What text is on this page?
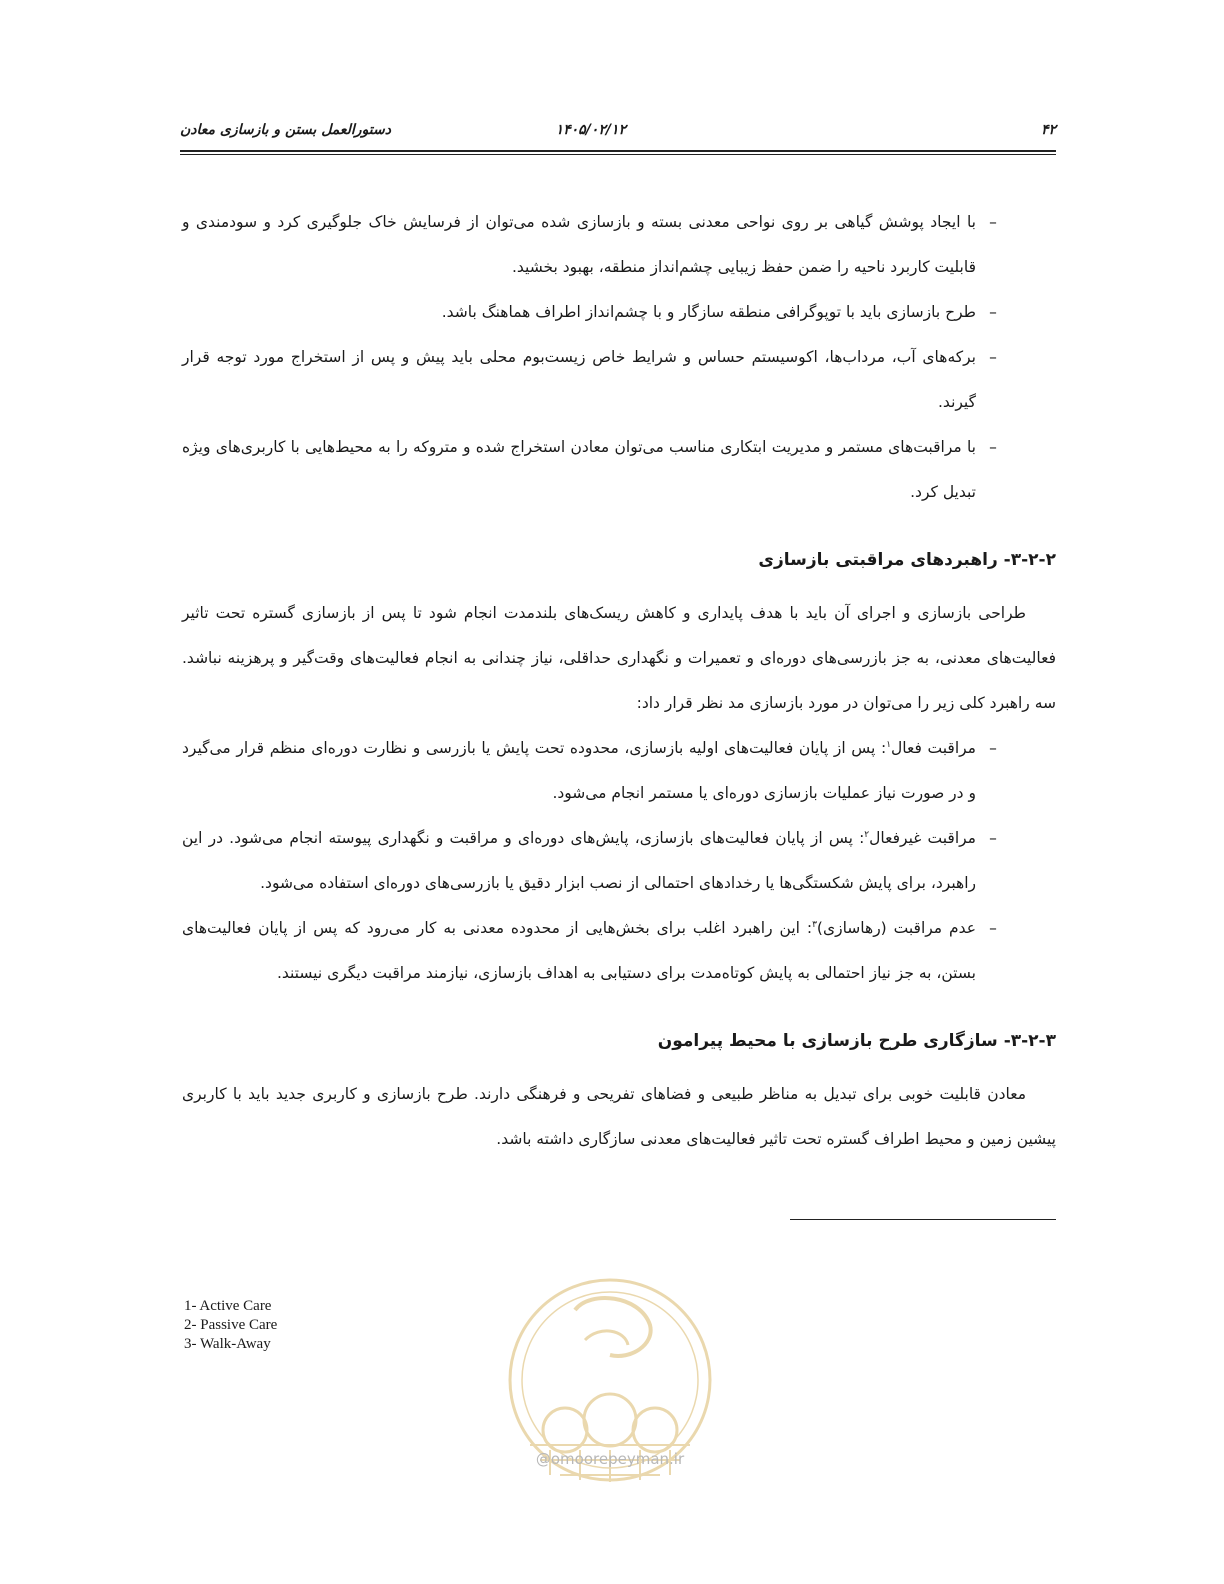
۴۲
۱۴۰۵/۰۲/۱۲
دستورالعمل بستن و بازسازی معادن
–
با ایجاد پوشش گیاهی بر روی نواحی معدنی بسته و بازسازی شده می‌توان از فرسایش خاک جلوگیری کرد و سودمندی و قابلیت کاربرد ناحیه را ضمن حفظ زیبایی چشم‌انداز منطقه، بهبود بخشید.
–
طرح بازسازی باید با توپوگرافی منطقه سازگار و با چشم‌انداز اطراف هماهنگ باشد.
–
برکه‌های آب، مرداب‌ها، اکوسیستم حساس و شرایط خاص زیست‌بوم محلی باید پیش و پس از استخراج مورد توجه قرار گیرند.
–
با مراقبت‌های مستمر و مدیریت ابتکاری مناسب می‌توان معادن استخراج شده و متروکه را به محیط‌هایی با کاربری‌های ویژه تبدیل کرد.
۳-۲-۲- راهبردهای مراقبتی بازسازی

طراحی بازسازی و اجرای آن باید با هدف پایداری و کاهش ریسک‌های بلندمدت انجام شود تا پس از بازسازی گستره تحت تاثیر فعالیت‌های معدنی، به جز بازرسی‌های دوره‌ای و تعمیرات و نگهداری حداقلی، نیاز چندانی به انجام فعالیت‌های وقت‌گیر و پرهزینه نباشد. سه راهبرد کلی زیر را می‌توان در مورد بازسازی مد نظر قرار داد:

–
مراقبت فعال$^۱$: پس از پایان فعالیت‌های اولیه بازسازی، محدوده تحت پایش یا بازرسی و نظارت دوره‌ای منظم قرار می‌گیرد و در صورت نیاز عملیات بازسازی دوره‌ای یا مستمر انجام می‌شود.
–
مراقبت غیرفعال$^۲$: پس از پایان فعالیت‌های بازسازی، پایش‌های دوره‌ای و مراقبت و نگهداری پیوسته انجام می‌شود. در این راهبرد، برای پایش شکستگی‌ها یا رخدادهای احتمالی از نصب ابزار دقیق یا بازرسی‌های دوره‌ای استفاده می‌شود.
–
عدم مراقبت (رهاسازی)$^۳$: این راهبرد اغلب برای بخش‌هایی از محدوده معدنی به کار می‌رود که پس از پایان فعالیت‌های بستن، به جز نیاز احتمالی به پایش کوتاه‌مدت برای دستیابی به اهداف بازسازی، نیازمند مراقبت دیگری نیستند.
۳-۲-۳- سازگاری طرح بازسازی با محیط پیرامون

معادن قابلیت خوبی برای تبدیل به مناظر طبیعی و فضاهای تفریحی و فرهنگی دارند. طرح بازسازی و کاربری جدید باید با کاربری پیشین زمین و محیط اطراف گستره تحت تاثیر فعالیت‌های معدنی سازگاری داشته باشد.

@omoorepeyman.ir
1- Active Care
2- Passive Care
3- Walk-Away
